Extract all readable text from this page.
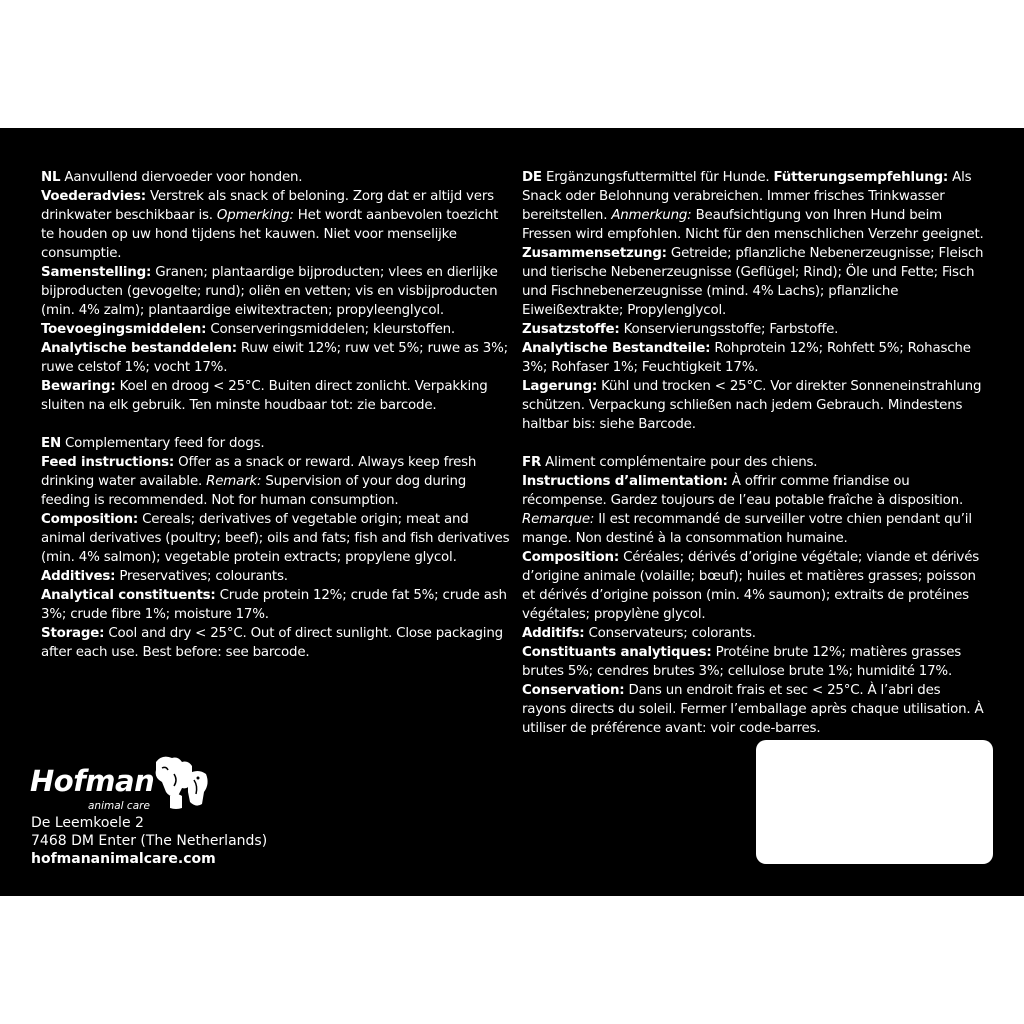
NL Aanvullend diervoeder voor honden.

Voederadvies: Verstrek als snack of beloning. Zorg dat er altijd vers drinkwater beschikbaar is. Opmerking: Het wordt aanbevolen toezicht te houden op uw hond tijdens het kauwen. Niet voor menselijke consumptie.

Samenstelling: Granen; plantaardige bijproducten; vlees en dierlijke bijproducten (gevogelte; rund); oliën en vetten; vis en visbijproducten (min. 4% zalm); plantaardige eiwitextracten; propyleenglycol.

Toevoegingsmiddelen: Conserveringsmiddelen; kleurstoffen.

Analytische bestanddelen: Ruw eiwit 12%; ruw vet 5%; ruwe as 3%; ruwe celstof 1%; vocht 17%.

Bewaring: Koel en droog < 25°C. Buiten direct zonlicht. Verpakking sluiten na elk gebruik. Ten minste houdbaar tot: zie barcode.

EN Complementary feed for dogs.

Feed instructions: Offer as a snack or reward. Always keep fresh drinking water available. Remark: Supervision of your dog during feeding is recommended. Not for human consumption.

Composition: Cereals; derivatives of vegetable origin; meat and animal derivatives (poultry; beef); oils and fats; fish and fish derivatives (min. 4% salmon); vegetable protein extracts; propylene glycol.

Additives: Preservatives; colourants.

Analytical constituents: Crude protein 12%; crude fat 5%; crude ash 3%; crude fibre 1%; moisture 17%.

Storage: Cool and dry < 25°C. Out of direct sunlight. Close packaging after each use. Best before: see barcode.

DE Ergänzungsfuttermittel für Hunde. Fütterungsempfehlung: Als Snack oder Belohnung verabreichen. Immer frisches Trinkwasser bereitstellen. Anmerkung: Beaufsichtigung von Ihren Hund beim Fressen wird empfohlen. Nicht für den menschlichen Verzehr geeignet. Zusammensetzung: Getreide; pflanzliche Nebenerzeugnisse; Fleisch und tierische Nebenerzeugnisse (Geflügel; Rind); Öle und Fette; Fisch und Fischnebenerzeugnisse (mind. 4% Lachs); pflanzliche Eiweißextrakte; Propylenglycol.

Zusatzstoffe: Konservierungsstoffe; Farbstoffe.

Analytische Bestandteile: Rohprotein 12%; Rohfett 5%; Rohasche 3%; Rohfaser 1%; Feuchtigkeit 17%.

Lagerung: Kühl und trocken < 25°C. Vor direkter Sonneneinstrahlung schützen. Verpackung schließen nach jedem Gebrauch. Mindestens haltbar bis: siehe Barcode.

FR Aliment complémentaire pour des chiens.

Instructions d’alimentation: À offrir comme friandise ou récompense. Gardez toujours de l’eau potable fraîche à disposition. Remarque: Il est recommandé de surveiller votre chien pendant qu’il mange. Non destiné à la consommation humaine.

Composition: Céréales; dérivés d’origine végétale; viande et dérivés d’origine animale (volaille; bœuf); huiles et matières grasses; poisson et dérivés d’origine poisson (min. 4% saumon); extraits de protéines végétales; propylène glycol.

Additifs: Conservateurs; colorants.

Constituants analytiques: Protéine brute 12%; matières grasses brutes 5%; cendres brutes 3%; cellulose brute 1%; humidité 17%.

Conservation: Dans un endroit frais et sec < 25°C. À l’abri des rayons directs du soleil. Fermer l’emballage après chaque utilisation. À utiliser de préférence avant: voir code-barres.

Hofman
animal care
De Leemkoele 2
7468 DM Enter (The Netherlands)
hofmananimalcare.com
